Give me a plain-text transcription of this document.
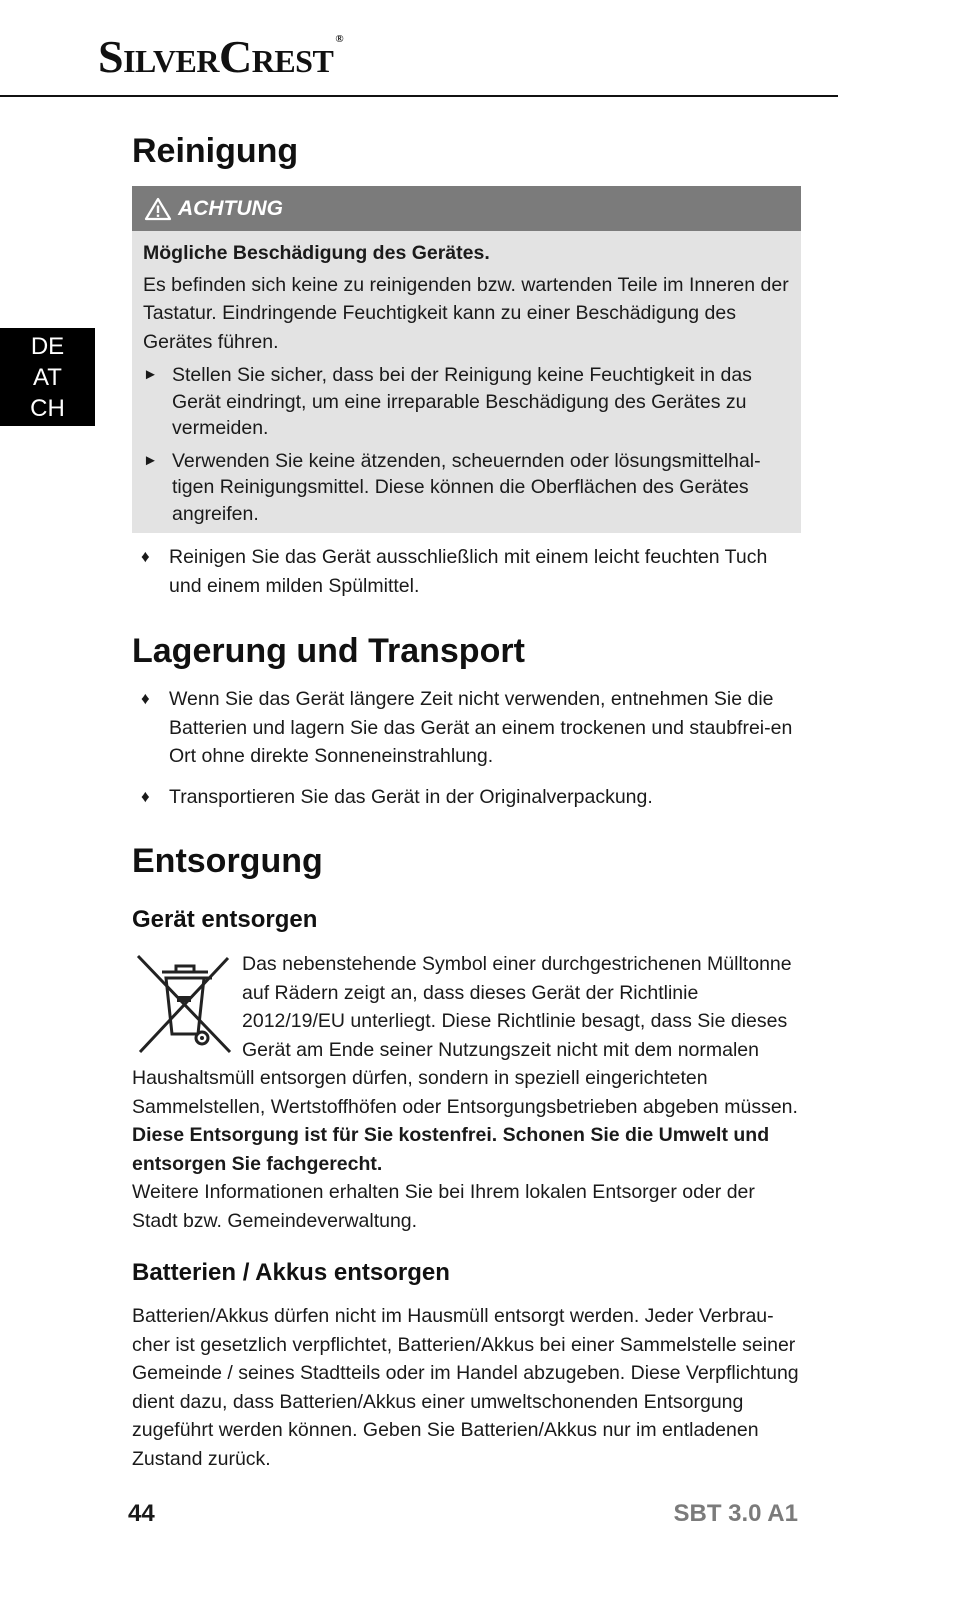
SilverCrest ®
DE
AT
CH
Reinigung
ACHTUNG

Mögliche Beschädigung des Gerätes.

Es befinden sich keine zu reinigenden bzw. wartenden Teile im Inneren der Tastatur. Eindringende Feuchtigkeit kann zu einer Beschädigung des Gerätes führen.

► Stellen Sie sicher, dass bei der Reinigung keine Feuchtigkeit in das Gerät eindringt, um eine irreparable Beschädigung des Gerätes zu vermeiden.
► Verwenden Sie keine ätzenden, scheuernden oder lösungsmittelhal-tigen Reinigungsmittel. Diese können die Oberflächen des Gerätes angreifen.
♦ Reinigen Sie das Gerät ausschließlich mit einem leicht feuchten Tuch und einem milden Spülmittel.
Lagerung und Transport
♦ Wenn Sie das Gerät längere Zeit nicht verwenden, entnehmen Sie die Batterien und lagern Sie das Gerät an einem trockenen und staubfrei-en Ort ohne direkte Sonneneinstrahlung.
♦ Transportieren Sie das Gerät in der Originalverpackung.
Entsorgung
Gerät entsorgen

Das nebenstehende Symbol einer durchgestrichenen Mülltonne auf Rädern zeigt an, dass dieses Gerät der Richtlinie 2012/19/EU unterliegt. Diese Richtlinie besagt, dass Sie dieses Gerät am Ende seiner Nutzungszeit nicht mit dem normalen Haushaltsmüll entsorgen dürfen, sondern in speziell eingerichteten Sammelstellen, Wertstoffhöfen oder Entsorgungsbetrieben abgeben müssen.

Diese Entsorgung ist für Sie kostenfrei. Schonen Sie die Umwelt und entsorgen Sie fachgerecht.

Weitere Informationen erhalten Sie bei Ihrem lokalen Entsorger oder der Stadt bzw. Gemeindeverwaltung.

Batterien / Akkus entsorgen

Batterien/Akkus dürfen nicht im Hausmüll entsorgt werden. Jeder Verbrau-cher ist gesetzlich verpflichtet, Batterien/Akkus bei einer Sammelstelle seiner Gemeinde / seines Stadtteils oder im Handel abzugeben. Diese Verpflichtung dient dazu, dass Batterien/Akkus einer umweltschonenden Entsorgung zugeführt werden können. Geben Sie Batterien/Akkus nur im entladenen Zustand zurück.

44	SBT 3.0 A1
